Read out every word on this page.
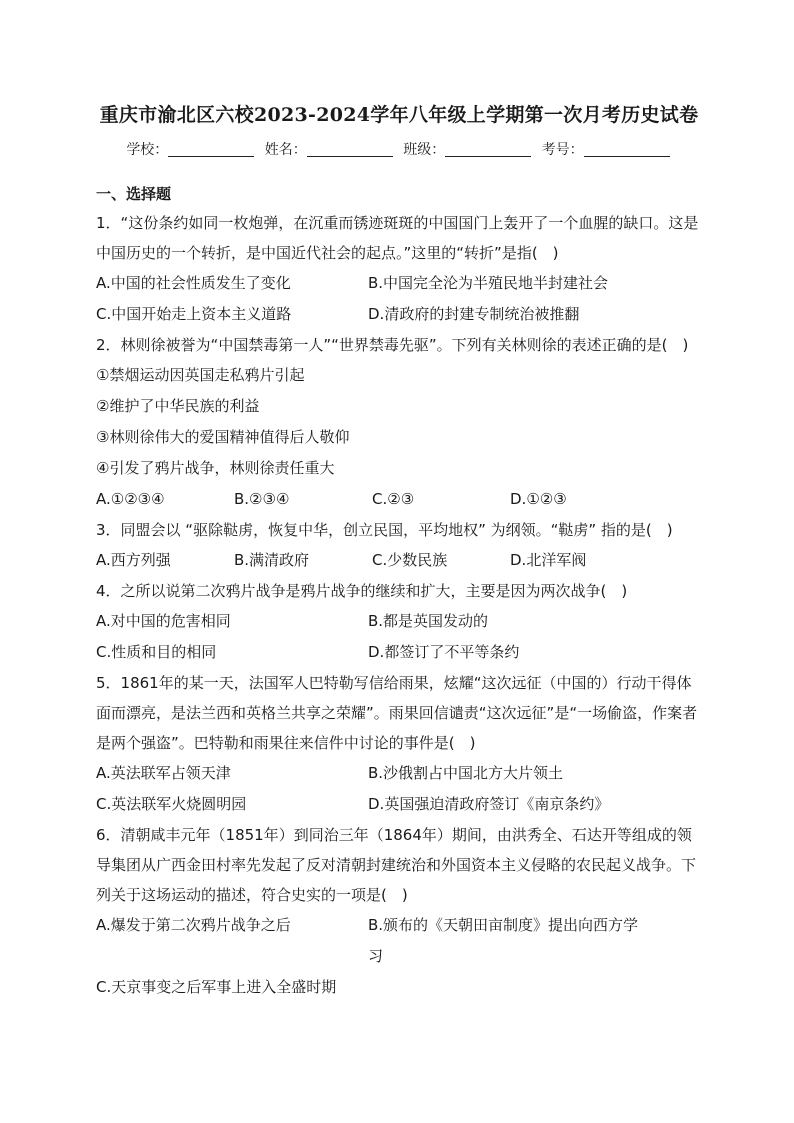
重庆市渝北区六校2023-2024学年八年级上学期第一次月考历史试卷
学校：	姓名：	班级：	考号：
一、选择题

1．“这份条约如同一枚炮弹，在沉重而锈迹斑斑的中国国门上轰开了一个血腥的缺口。这是中国历史的一个转折，是中国近代社会的起点。”这里的“转折”是指(　)

A.中国的社会性质发生了变化	B.中国完全沦为半殖民地半封建社会
C.中国开始走上资本主义道路	D.清政府的封建专制统治被推翻

2．林则徐被誉为“中国禁毒第一人”“世界禁毒先驱”。下列有关林则徐的表述正确的是(　)

①禁烟运动因英国走私鸦片引起
②维护了中华民族的利益
③林则徐伟大的爱国精神值得后人敬仰
④引发了鸦片战争，林则徐责任重大
A.①②③④	B.②③④	C.②③	D.①②③

3．同盟会以 “驱除鞑虏，恢复中华，创立民国，平均地权” 为纲领。“鞑虏” 指的是(　)

A.西方列强	B.满清政府	C.少数民族	D.北洋军阀

4．之所以说第二次鸦片战争是鸦片战争的继续和扩大，主要是因为两次战争(　)

A.对中国的危害相同	B.都是英国发动的
C.性质和目的相同	D.都签订了不平等条约

5．1861年的某一天，法国军人巴特勒写信给雨果，炫耀“这次远征（中国的）行动干得体面而漂亮，是法兰西和英格兰共享之荣耀”。雨果回信谴责“这次远征”是“一场偷盗，作案者是两个强盗”。巴特勒和雨果往来信件中讨论的事件是(　)

A.英法联军占领天津	B.沙俄割占中国北方大片领土
C.英法联军火烧圆明园	D.英国强迫清政府签订《南京条约》

6．清朝咸丰元年（1851年）到同治三年（1864年）期间，由洪秀全、石达开等组成的领导集团从广西金田村率先发起了反对清朝封建统治和外国资本主义侵略的农民起义战争。下列关于这场运动的描述，符合史实的一项是(　)

A.爆发于第二次鸦片战争之后	B.颁布的《天朝田亩制度》提出向西方学习
C.天京事变之后军事上进入全盛时期
